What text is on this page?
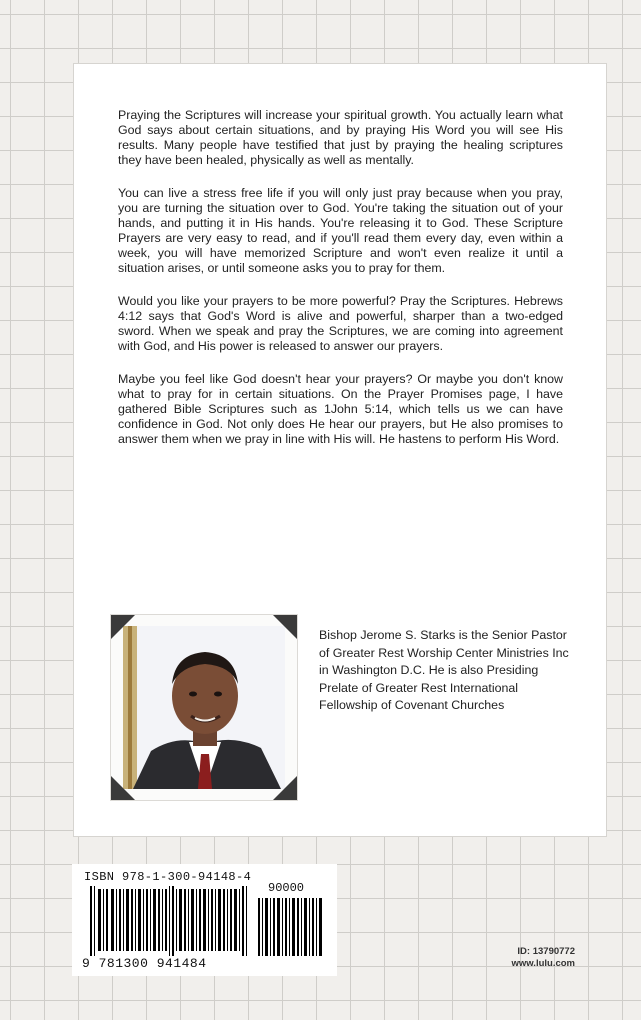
Praying the Scriptures will increase your spiritual growth. You actually learn what God says about certain situations, and by praying His Word you will see His results. Many people have testified that just by praying the healing scriptures they have been healed, physically as well as mentally.

You can live a stress free life if you will only just pray because when you pray, you are turning the situation over to God. You're taking the situation out of your hands, and putting it in His hands. You're releasing it to God. These Scripture Prayers are very easy to read, and if you'll read them every day, even within a week, you will have memorized Scripture and won't even realize it until a situation arises, or until someone asks you to pray for them.

Would you like your prayers to be more powerful? Pray the Scriptures. Hebrews 4:12 says that God's Word is alive and powerful, sharper than a two-edged sword. When we speak and pray the Scriptures, we are coming into agreement with God, and His power is released to answer our prayers.

Maybe you feel like God doesn't hear your prayers? Or maybe you don't know what to pray for in certain situations. On the Prayer Promises page, I have gathered Bible Scriptures such as 1John 5:14, which tells us we can have confidence in God. Not only does He hear our prayers, but He also promises to answer them when we pray in line with His will. He hastens to perform His Word.

Bishop Jerome S. Starks is the Senior Pastor of Greater Rest Worship Center Ministries Inc in Washington D.C. He is also Presiding Prelate of Greater Rest International Fellowship of Covenant Churches
ISBN 978-1-300-94148-4
90000
9 781300 941484
ID: 13790772
www.lulu.com
